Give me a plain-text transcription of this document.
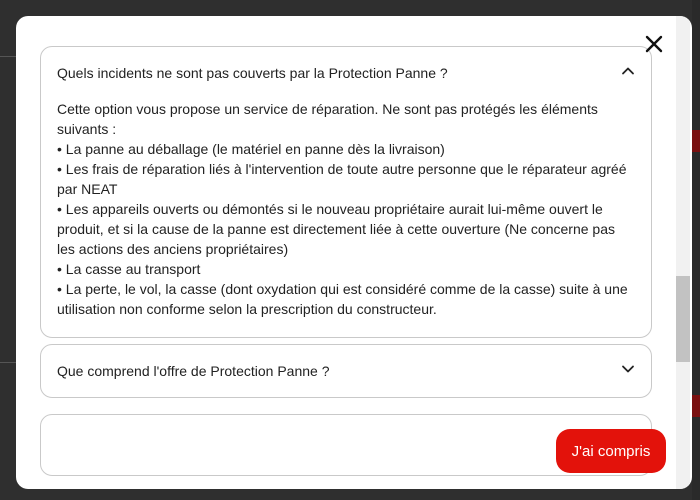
Quels incidents ne sont pas couverts par la Protection Panne ?

Cette option vous propose un service de réparation. Ne sont pas protégés les éléments suivants :

• La panne au déballage (le matériel en panne dès la livraison)

• Les frais de réparation liés à l'intervention de toute autre personne que le réparateur agréé par NEAT

• Les appareils ouverts ou démontés si le nouveau propriétaire aurait lui-même ouvert le produit, et si la cause de la panne est directement liée à cette ouverture (Ne concerne pas les actions des anciens propriétaires)

• La casse au transport

• La perte, le vol, la casse (dont oxydation qui est considéré comme de la casse) suite à une utilisation non conforme selon la prescription du constructeur.

Que comprend l'offre de Protection Panne ?
J'ai compris
